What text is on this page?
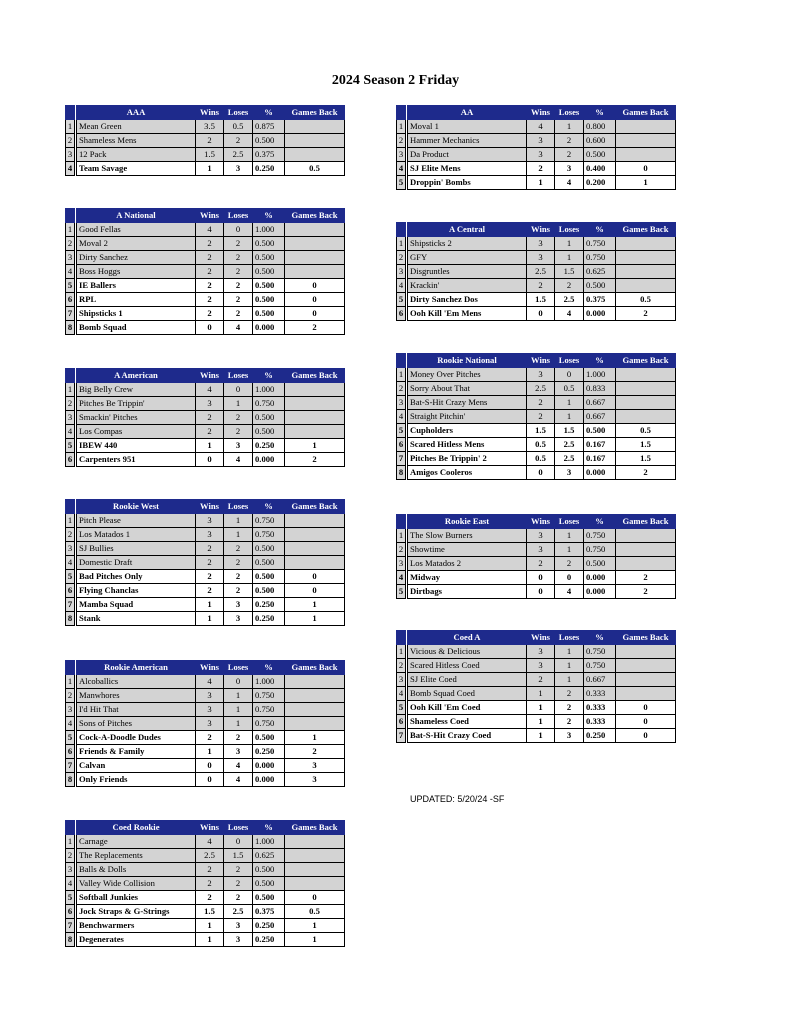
2024 Season 2 Friday
		AAA	Wins	Loses	%	Games Back
1		Mean Green	3.5	0.5	0.875	
2		Shameless Mens	2	2	0.500	
3		12 Pack	1.5	2.5	0.375	
4		Team Savage	1	3	0.250	0.5
		AA	Wins	Loses	%	Games Back
1		Moval 1	4	1	0.800	
2		Hammer Mechanics	3	2	0.600	
3		Da Product	3	2	0.500	
4		SJ Elite Mens	2	3	0.400	0
5		Droppin' Bombs	1	4	0.200	1
		A National	Wins	Loses	%	Games Back
1		Good Fellas	4	0	1.000	
2		Moval 2	2	2	0.500	
3		Dirty Sanchez	2	2	0.500	
4		Boss Hoggs	2	2	0.500	
5		IE Ballers	2	2	0.500	0
6		RPL	2	2	0.500	0
7		Shipsticks 1	2	2	0.500	0
8		Bomb Squad	0	4	0.000	2
		A Central	Wins	Loses	%	Games Back
1		Shipsticks 2	3	1	0.750	
2		GFY	3	1	0.750	
3		Disgruntles	2.5	1.5	0.625	
4		Krackin'	2	2	0.500	
5		Dirty Sanchez Dos	1.5	2.5	0.375	0.5
6		Ooh Kill 'Em Mens	0	4	0.000	2
		Rookie National	Wins	Loses	%	Games Back
1		Money Over Pitches	3	0	1.000	
2		Sorry About That	2.5	0.5	0.833	
3		Bat-S-Hit Crazy Mens	2	1	0.667	
4		Straight Pitchin'	2	1	0.667	
5		Cupholders	1.5	1.5	0.500	0.5
6		Scared Hitless Mens	0.5	2.5	0.167	1.5
7		Pitches Be Trippin' 2	0.5	2.5	0.167	1.5
8		Amigos Cooleros	0	3	0.000	2
		A American	Wins	Loses	%	Games Back
1		Big Belly Crew	4	0	1.000	
2		Pitches Be Trippin'	3	1	0.750	
3		Smackin' Pitches	2	2	0.500	
4		Los Compas	2	2	0.500	
5		IBEW 440	1	3	0.250	1
6		Carpenters 951	0	4	0.000	2
		Rookie West	Wins	Loses	%	Games Back
1		Pitch Please	3	1	0.750	
2		Los Matados 1	3	1	0.750	
3		SJ Bullies	2	2	0.500	
4		Domestic Draft	2	2	0.500	
5		Bad Pitches Only	2	2	0.500	0
6		Flying Chanclas	2	2	0.500	0
7		Mamba Squad	1	3	0.250	1
8		Stank	1	3	0.250	1
		Rookie East	Wins	Loses	%	Games Back
1		The Slow Burners	3	1	0.750	
2		Showtime	3	1	0.750	
3		Los Matados 2	2	2	0.500	
4		Midway	0	0	0.000	2
5		Dirtbags	0	4	0.000	2
		Coed A	Wins	Loses	%	Games Back
1		Vicious & Delicious	3	1	0.750	
2		Scared Hitless Coed	3	1	0.750	
3		SJ Elite Coed	2	1	0.667	
4		Bomb Squad Coed	1	2	0.333	
5		Ooh Kill 'Em Coed	1	2	0.333	0
6		Shameless Coed	1	2	0.333	0
7		Bat-S-Hit Crazy Coed	1	3	0.250	0
		Rookie American	Wins	Loses	%	Games Back
1		Alcoballics	4	0	1.000	
2		Manwhores	3	1	0.750	
3		I'd Hit That	3	1	0.750	
4		Sons of Pitches	3	1	0.750	
5		Cock-A-Doodle Dudes	2	2	0.500	1
6		Friends & Family	1	3	0.250	2
7		Calvan	0	4	0.000	3
8		Only Friends	0	4	0.000	3
		Coed Rookie	Wins	Loses	%	Games Back
1		Carnage	4	0	1.000	
2		The Replacements	2.5	1.5	0.625	
3		Balls & Dolls	2	2	0.500	
4		Valley Wide Collision	2	2	0.500	
5		Softball Junkies	2	2	0.500	0
6		Jock Straps & G-Strings	1.5	2.5	0.375	0.5
7		Benchwarmers	1	3	0.250	1
8		Degenerates	1	3	0.250	1
UPDATED: 5/20/24 -SF
